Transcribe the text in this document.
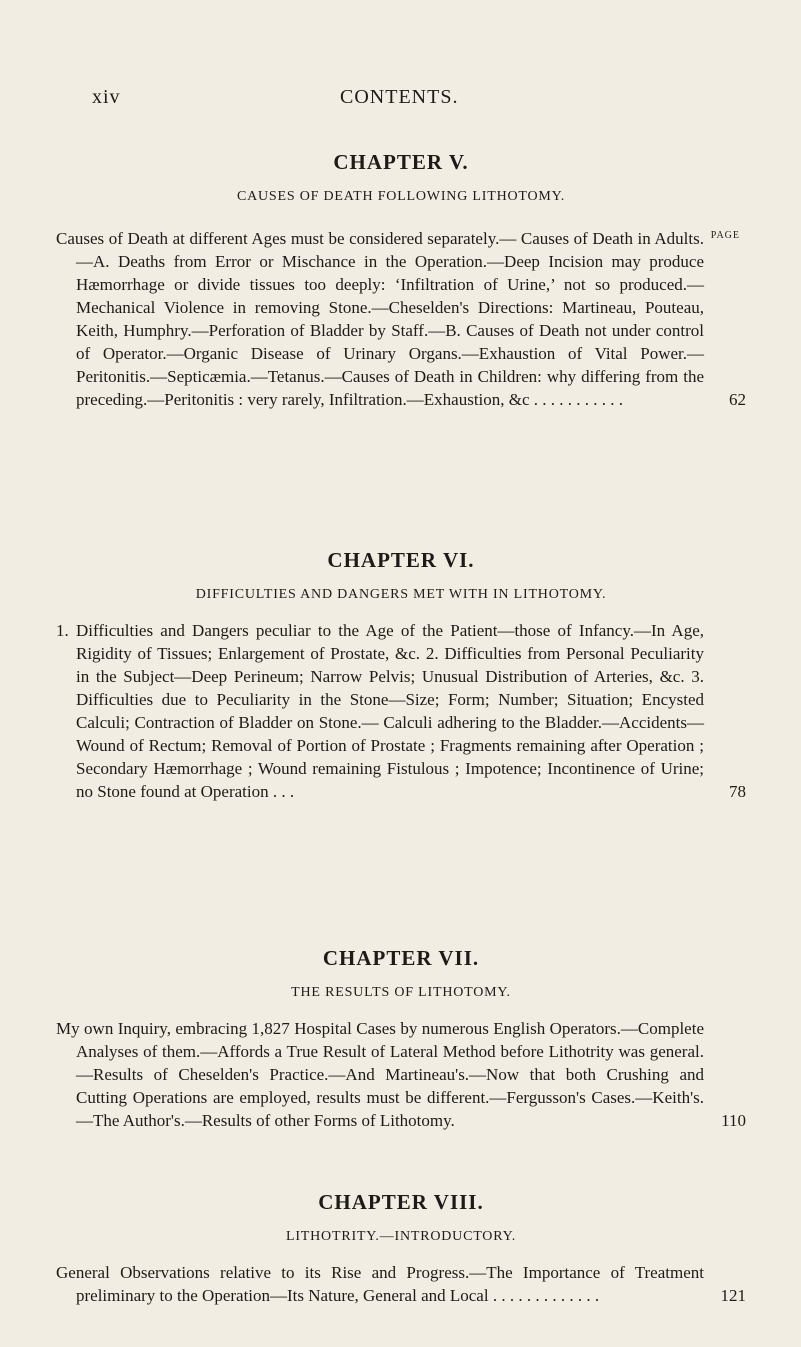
xiv	CONTENTS.
CHAPTER V.
CAUSES OF DEATH FOLLOWING LITHOTOMY.
PAGE
Causes of Death at different Ages must be considered separately.— Causes of Death in Adults.—A. Deaths from Error or Mischance in the Operation.—Deep Incision may produce Hæmorrhage or divide tissues too deeply: ‘Infiltration of Urine,’ not so produced.— Mechanical Violence in removing Stone.—Cheselden's Directions: Martineau, Pouteau, Keith, Humphry.—Perforation of Bladder by Staff.—B. Causes of Death not under control of Operator.—Organic Disease of Urinary Organs.—Exhaustion of Vital Power.— Peritonitis.—Septicæmia.—Tetanus.—Causes of Death in Children: why differing from the preceding.—Peritonitis : very rarely, Infiltration.—Exhaustion, &c . . . . . . . . . . .	62
CHAPTER VI.
DIFFICULTIES AND DANGERS MET WITH IN LITHOTOMY.
1. Difficulties and Dangers peculiar to the Age of the Patient—those of Infancy.—In Age, Rigidity of Tissues; Enlargement of Prostate, &c. 2. Difficulties from Personal Peculiarity in the Subject—Deep Perineum; Narrow Pelvis; Unusual Distribution of Arteries, &c. 3. Difficulties due to Peculiarity in the Stone—Size; Form; Number; Situation; Encysted Calculi; Contraction of Bladder on Stone.— Calculi adhering to the Bladder.—Accidents—Wound of Rectum; Removal of Portion of Prostate ; Fragments remaining after Operation ; Secondary Hæmorrhage ; Wound remaining Fistulous ; Impotence; Incontinence of Urine; no Stone found at Operation . . .	78
CHAPTER VII.
THE RESULTS OF LITHOTOMY.
My own Inquiry, embracing 1,827 Hospital Cases by numerous English Operators.—Complete Analyses of them.—Affords a True Result of Lateral Method before Lithotrity was general.—Results of Cheselden's Practice.—And Martineau's.—Now that both Crushing and Cutting Operations are employed, results must be different.—Fergusson's Cases.—Keith's.—The Author's.—Results of other Forms of Lithotomy.	110
CHAPTER VIII.
LITHOTRITY.—INTRODUCTORY.
General Observations relative to its Rise and Progress.—The Importance of Treatment preliminary to the Operation—Its Nature, General and Local . . . . . . . . . . . . .	121
